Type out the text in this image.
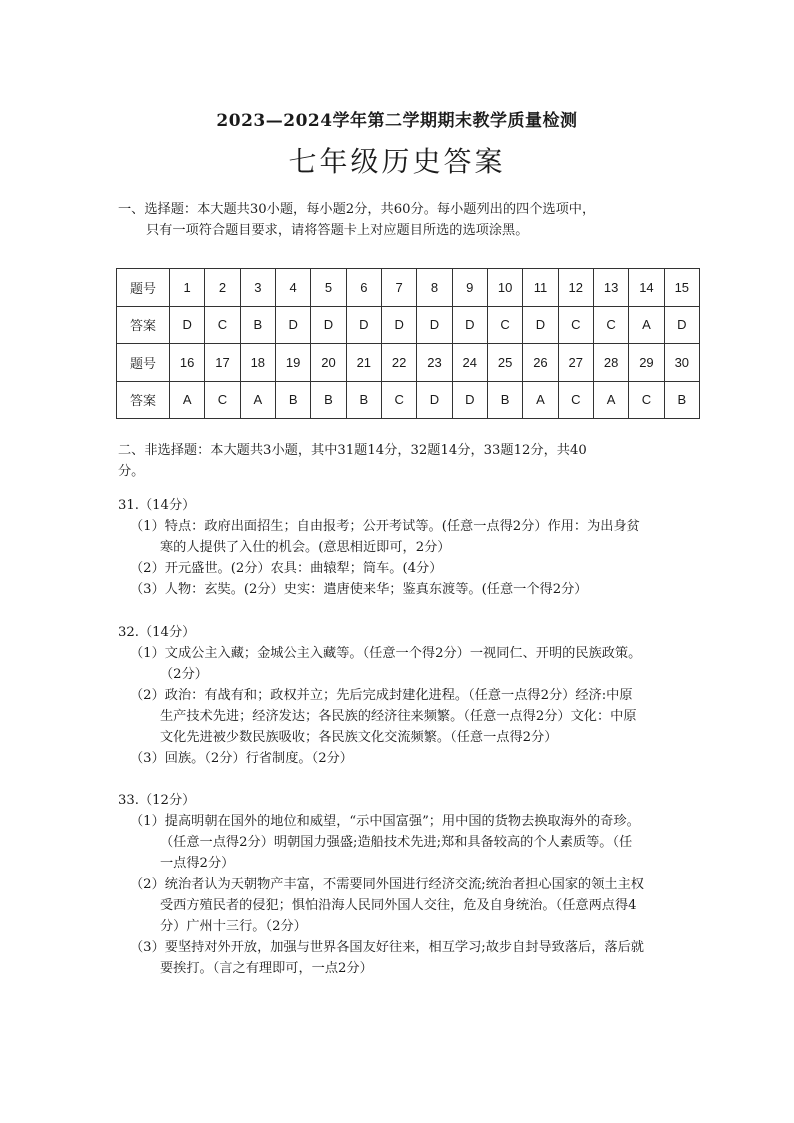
2023—2024学年第二学期期末教学质量检测
七年级历史答案
一、选择题：本大题共30小题，每小题2分，共60分。每小题列出的四个选项中，
只有一项符合题目要求，请将答题卡上对应题目所选的选项涂黑。
题号	1	2	3	4	5	6	7	8	9	10	11	12	13	14	15
答案	D	C	B	D	D	D	D	D	D	C	D	C	C	A	D
题号	16	17	18	19	20	21	22	23	24	25	26	27	28	29	30
答案	A	C	A	B	B	B	C	D	D	B	A	C	A	C	B
二、非选择题：本大题共3小题，其中31题14分，32题14分，33题12分，共40
分。
31.（14分）
（1）特点：政府出面招生；自由报考；公开考试等。(任意一点得2分）作用：为出身贫
寒的人提供了入仕的机会。(意思相近即可，2分）
（2）开元盛世。(2分）农具：曲辕犁；筒车。(4分）
（3）人物：玄奘。(2分）史实：遣唐使来华；鉴真东渡等。(任意一个得2分）
32.（14分）
（1）文成公主入藏；金城公主入藏等。（任意一个得2分）一视同仁、开明的民族政策。
（2分）
（2）政治：有战有和；政权并立；先后完成封建化进程。（任意一点得2分）经济:中原
生产技术先进；经济发达；各民族的经济往来频繁。（任意一点得2分）文化：中原
文化先进被少数民族吸收；各民族文化交流频繁。（任意一点得2分）
（3）回族。（2分）行省制度。（2分）
33.（12分）
（1）提高明朝在国外的地位和威望，“示中国富强”；用中国的货物去换取海外的奇珍。
（任意一点得2分）明朝国力强盛;造船技术先进;郑和具备较高的个人素质等。（任
一点得2分）
（2）统治者认为天朝物产丰富，不需要同外国进行经济交流;统治者担心国家的领土主权
受西方殖民者的侵犯；惧怕沿海人民同外国人交往，危及自身统治。（任意两点得4
分）广州十三行。（2分）
（3）要坚持对外开放，加强与世界各国友好往来，相互学习;故步自封导致落后，落后就
要挨打。（言之有理即可，一点2分）
